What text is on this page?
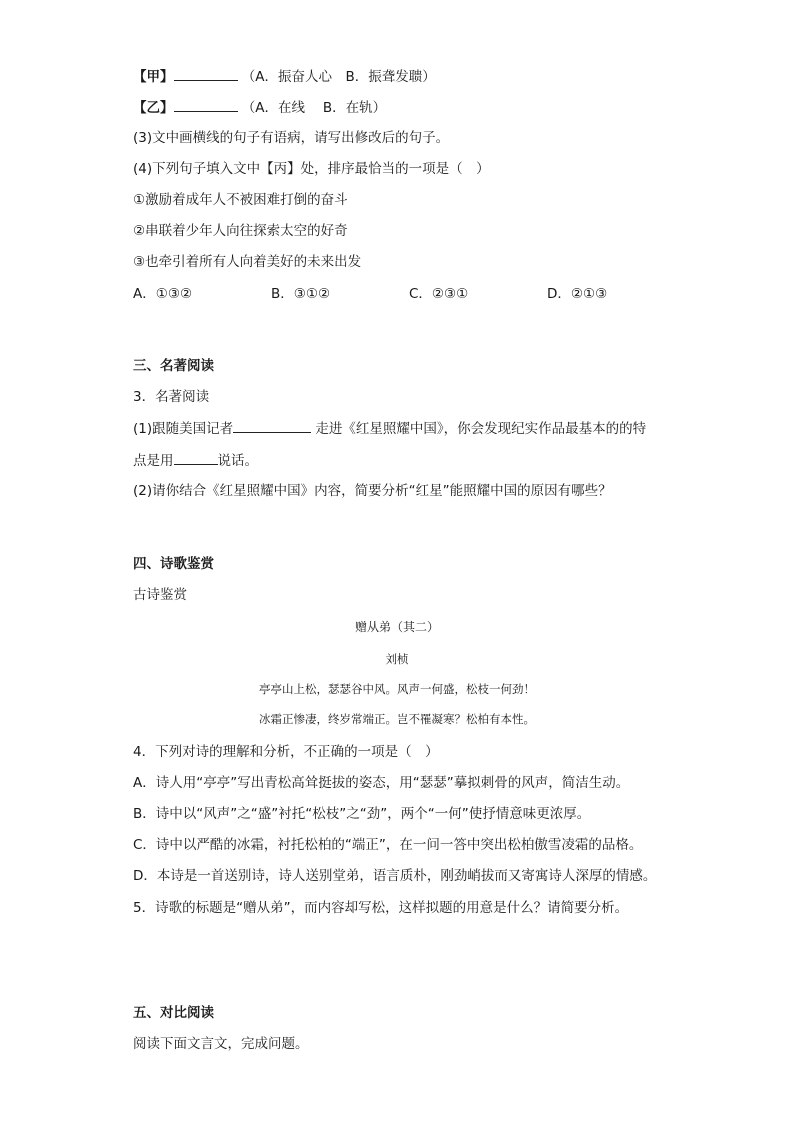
【甲】	（A．振奋人心　B．振聋发聩）
【乙】	（A．在线　 B．在轨）
(3)文中画横线的句子有语病，请写出修改后的句子。
(4)下列句子填入文中【丙】处，排序最恰当的一项是（　）
①激励着成年人不被困难打倒的奋斗
②串联着少年人向往探索太空的好奇
③也牵引着所有人向着美好的未来出发
A．①③②	B．③①②	C．②③①	D．②①③
三、名著阅读
3．名著阅读
(1)跟随美国记者	走进《红星照耀中国》，你会发现纪实作品最基本的的特
点是用	说话。
(2)请你结合《红星照耀中国》内容，简要分析“红星”能照耀中国的原因有哪些？
四、诗歌鉴赏
古诗鉴赏
赠从弟（其二）
刘桢
亭亭山上松，瑟瑟谷中风。风声一何盛，松枝一何劲！
冰霜正惨凄，终岁常端正。岂不罹凝寒？松柏有本性。
4．下列对诗的理解和分析，不正确的一项是（　）
A．诗人用“亭亭”写出青松高耸挺拔的姿态，用“瑟瑟”摹拟刺骨的风声，简洁生动。
B．诗中以“风声”之“盛”衬托“松枝”之“劲”，两个“一何”使抒情意味更浓厚。
C．诗中以严酷的冰霜，衬托松柏的“端正”，在一问一答中突出松柏傲雪凌霜的品格。
D．本诗是一首送别诗，诗人送别堂弟，语言质朴，刚劲峭拔而又寄寓诗人深厚的情感。
5．诗歌的标题是“赠从弟”，而内容却写松，这样拟题的用意是什么？请简要分析。
五、对比阅读
阅读下面文言文，完成问题。
